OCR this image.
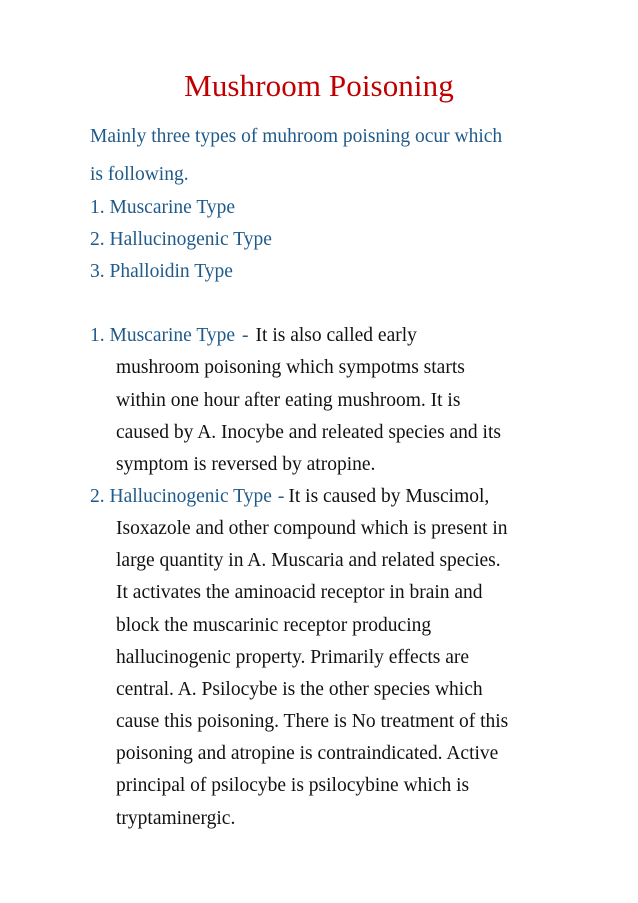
Mushroom Poisoning
Mainly three types of muhroom poisning ocur which
is following.
1. Muscarine Type
2. Hallucinogenic Type
3. Phalloidin Type
1. Muscarine Type - It is also called early
mushroom poisoning which sympotms starts
within one hour after eating mushroom. It is
caused by A. Inocybe and releated species and its
symptom is reversed by atropine.
2. Hallucinogenic Type - It is caused by Muscimol,
Isoxazole and other compound which is present in
large quantity in A. Muscaria and related species.
It activates the aminoacid receptor in brain and
block the muscarinic receptor producing
hallucinogenic property. Primarily effects are
central. A. Psilocybe is the other species which
cause this poisoning. There is No treatment of this
poisoning and atropine is contraindicated. Active
principal of psilocybe is psilocybine which is
tryptaminergic.
